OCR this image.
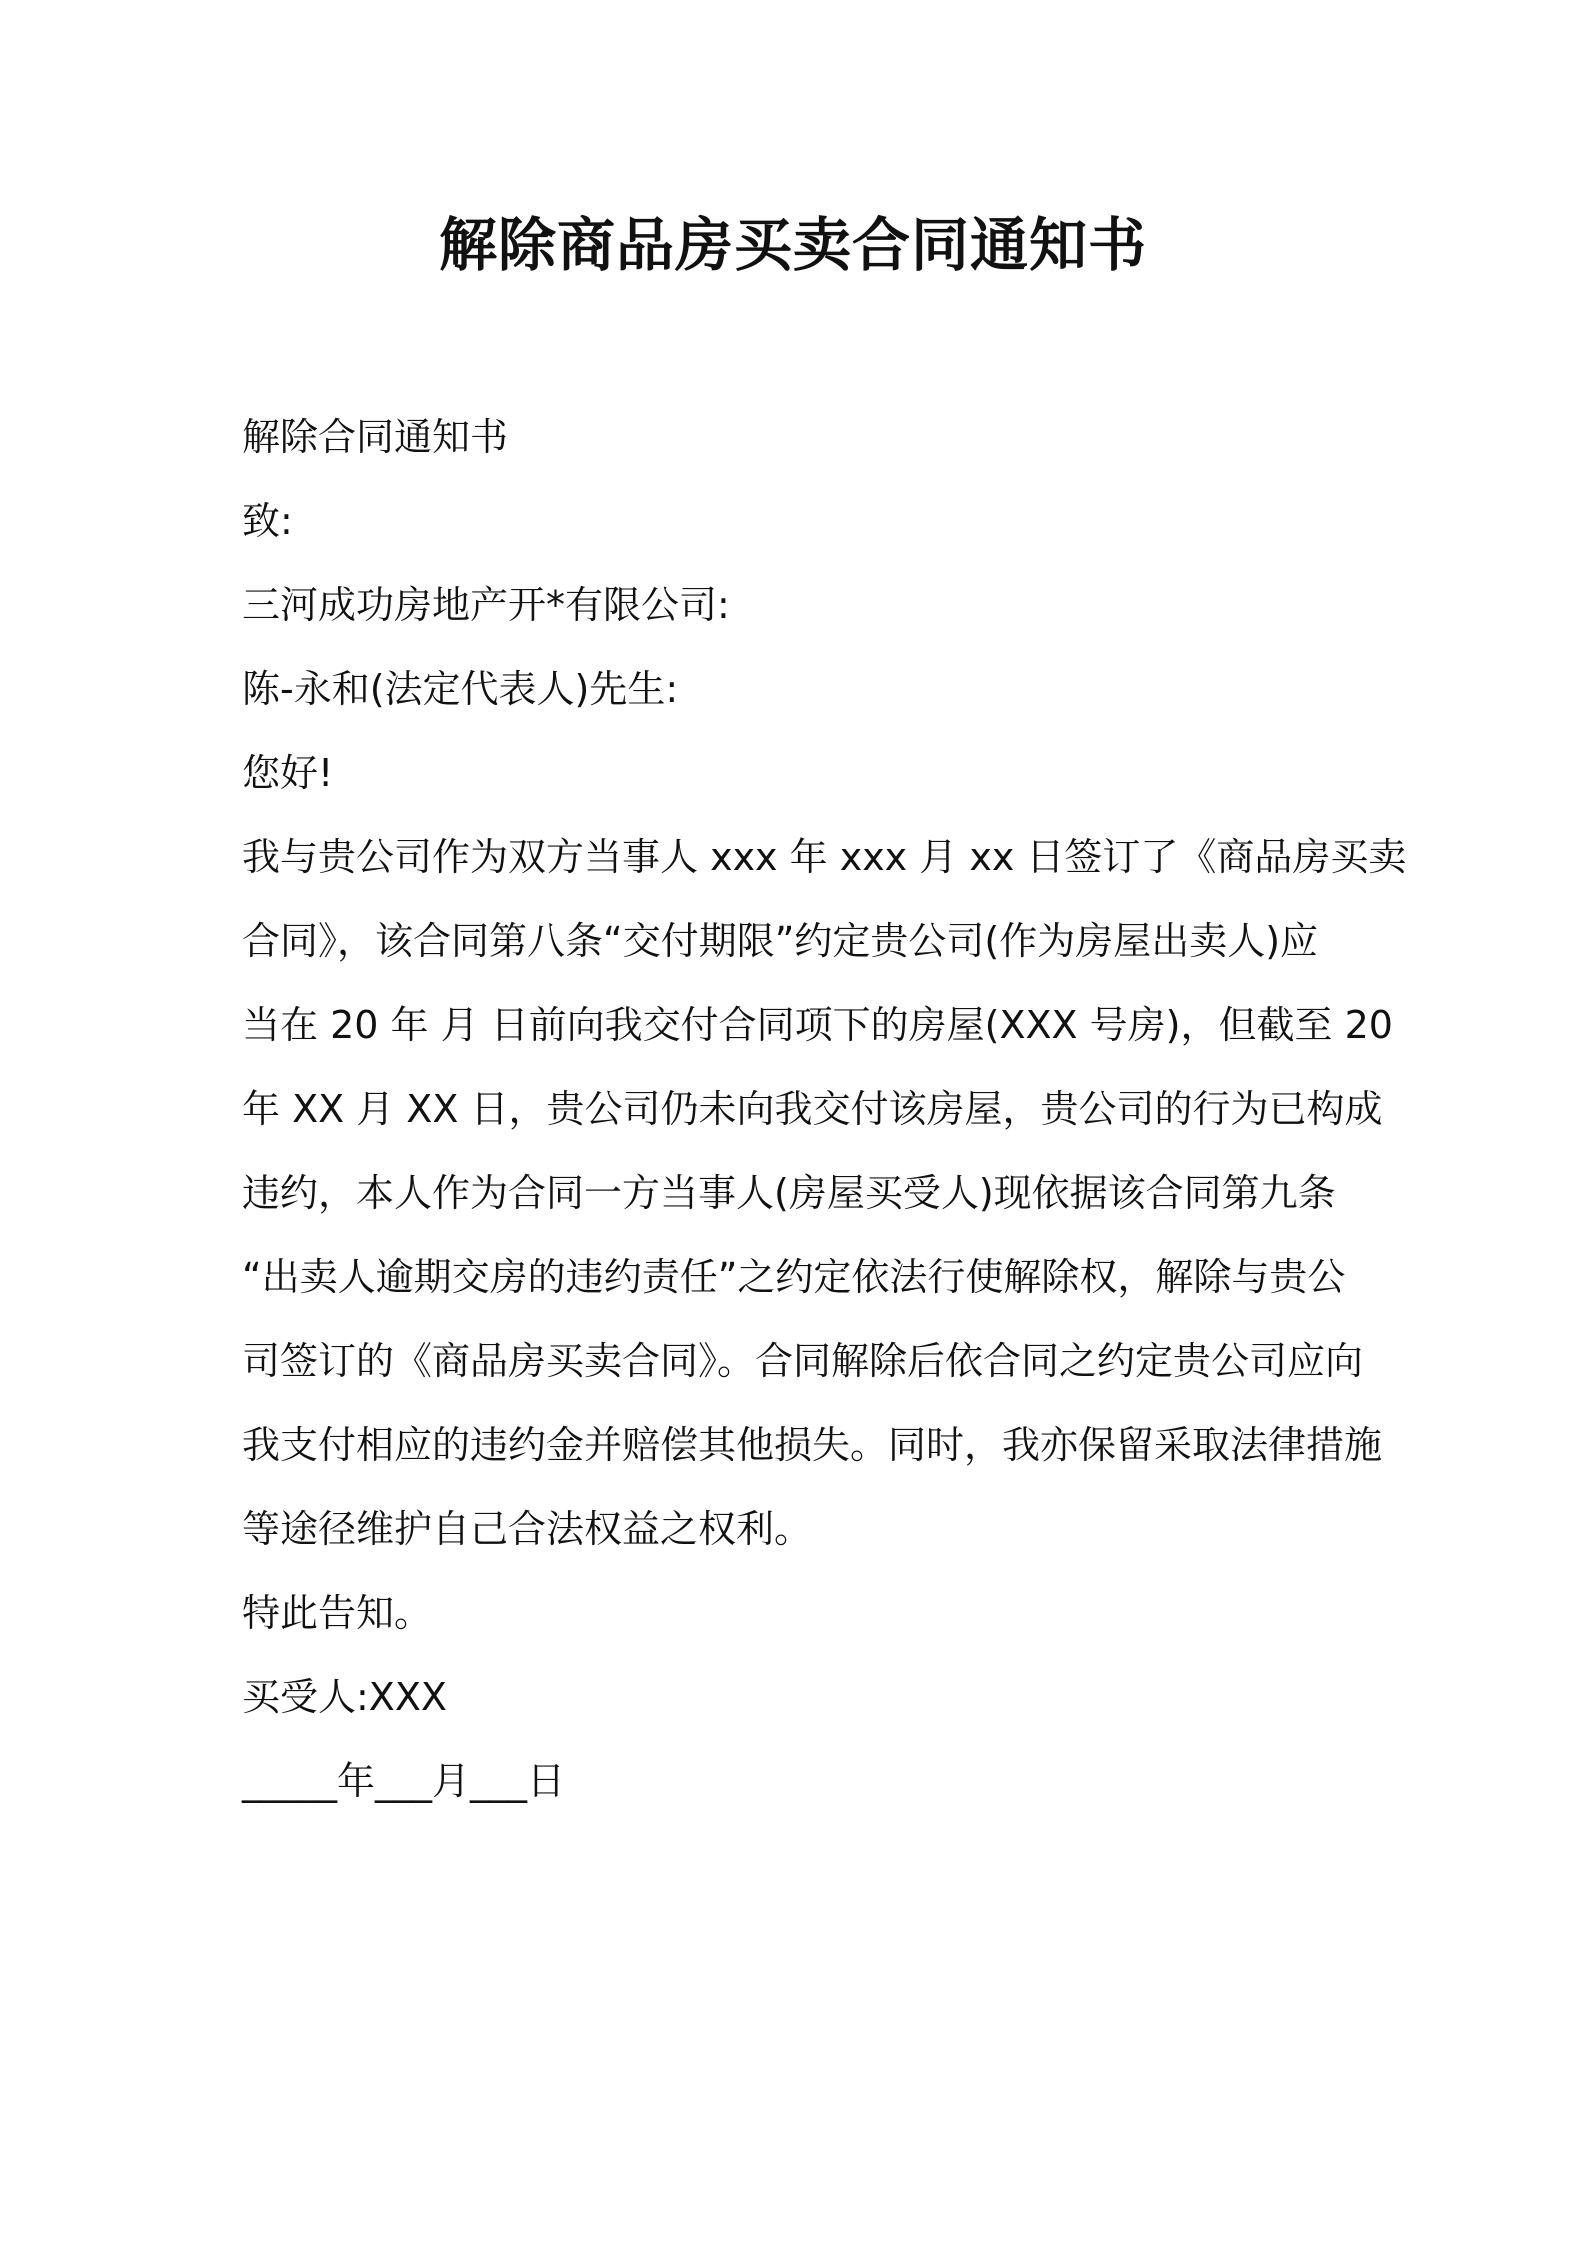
解除商品房买卖合同通知书
解除合同通知书
致:
三河成功房地产开*有限公司:
陈-永和(法定代表人)先生:
您好!
我与贵公司作为双方当事人 xxx 年 xxx 月 xx 日签订了《商品房买卖
合同》，该合同第八条“交付期限”约定贵公司(作为房屋出卖人)应
当在 20 年 月 日前向我交付合同项下的房屋(XXX 号房)，但截至 20
年 XX 月 XX 日，贵公司仍未向我交付该房屋，贵公司的行为已构成
违约，本人作为合同一方当事人(房屋买受人)现依据该合同第九条
“出卖人逾期交房的违约责任”之约定依法行使解除权，解除与贵公
司签订的《商品房买卖合同》。合同解除后依合同之约定贵公司应向
我支付相应的违约金并赔偿其他损失。同时，我亦保留采取法律措施
等途径维护自己合法权益之权利。
特此告知。
买受人:XXX
_____年___月___日
